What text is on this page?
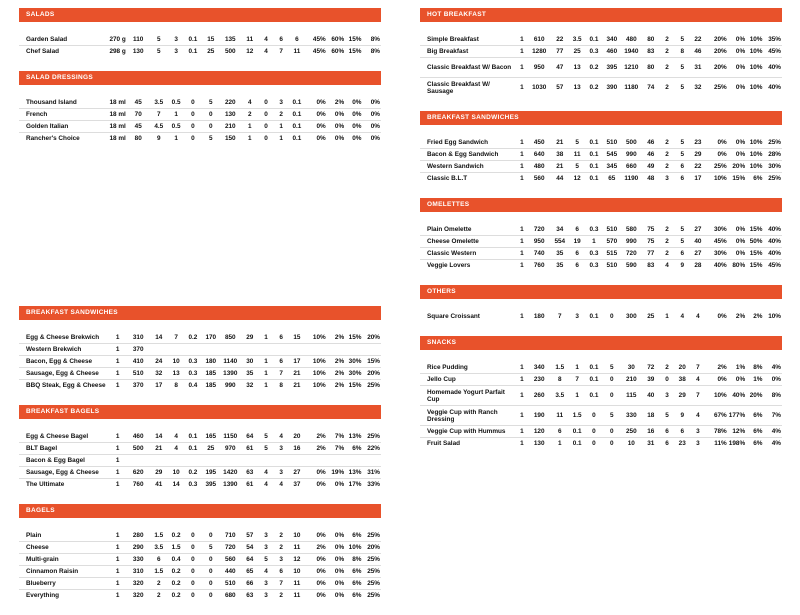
SALADS
Garden Salad	270 g	110	5	3	0.1	15	135	11	4	6	6	45%	60%	15%	8%
Chef Salad	298 g	130	5	3	0.1	25	500	12	4	7	11	45%	60%	15%	8%
SALAD DRESSINGS
Thousand Island	18 ml	45	3.5	0.5	0	5	220	4	0	3	0.1	0%	2%	0%	0%
French	18 ml	70	7	1	0	0	130	2	0	2	0.1	0%	0%	0%	0%
Golden Italian	18 ml	45	4.5	0.5	0	0	210	1	0	1	0.1	0%	0%	0%	0%
Rancher's Choice	18 ml	80	9	1	0	5	150	1	0	1	0.1	0%	0%	0%	0%
BREAKFAST SANDWICHES
Egg & Cheese Brekwich	1	310	14	7	0.2	170	850	29	1	6	15	10%	2%	15%	20%
Western Brekwich	1	370													
Bacon, Egg & Cheese	1	410	24	10	0.3	180	1140	30	1	6	17	10%	2%	30%	15%
Sausage, Egg & Cheese	1	510	32	13	0.3	185	1390	35	1	7	21	10%	2%	30%	20%
BBQ Steak, Egg & Cheese	1	370	17	8	0.4	185	990	32	1	8	21	10%	2%	15%	25%
BREAKFAST BAGELS
Egg & Cheese Bagel	1	460	14	4	0.1	165	1150	64	5	4	20	2%	7%	13%	25%
BLT Bagel	1	500	21	4	0.1	25	970	61	5	3	16	2%	7%	6%	22%
Bacon & Egg Bagel	1														
Sausage, Egg & Cheese	1	620	29	10	0.2	195	1420	63	4	3	27	0%	19%	13%	31%
The Ultimate	1	760	41	14	0.3	395	1390	61	4	4	37	0%	0%	17%	33%
BAGELS
Plain	1	280	1.5	0.2	0	0	710	57	3	2	10	0%	0%	6%	25%
Cheese	1	290	3.5	1.5	0	5	720	54	3	2	11	2%	0%	10%	20%
Multi-grain	1	330	6	0.4	0	0	560	64	5	3	12	0%	0%	8%	25%
Cinnamon Raisin	1	310	1.5	0.2	0	0	440	65	4	6	10	0%	0%	6%	25%
Blueberry	1	320	2	0.2	0	0	510	66	3	7	11	0%	0%	6%	25%
Everything	1	320	2	0.2	0	0	680	63	3	2	11	0%	0%	6%	25%
HOT BREAKFAST
Simple Breakfast	1	610	22	3.5	0.1	340	480	80	2	5	22	20%	0%	10%	35%
Big Breakfast	1	1280	77	25	0.3	460	1940	83	2	8	46	20%	0%	10%	45%
Classic Breakfast W/ Bacon	1	950	47	13	0.2	395	1210	80	2	5	31	20%	0%	10%	40%
Classic Breakfast W/ Sausage	1	1030	57	13	0.2	390	1180	74	2	5	32	25%	0%	10%	40%
BREAKFAST SANDWICHES
Fried Egg Sandwich	1	450	21	5	0.1	510	500	46	2	5	23	0%	0%	10%	25%
Bacon & Egg Sandwich	1	640	38	11	0.1	545	990	46	2	5	29	0%	0%	10%	28%
Western Sandwich	1	480	21	5	0.1	345	660	49	2	6	22	25%	20%	10%	30%
Classic B.L.T	1	560	44	12	0.1	65	1190	48	3	6	17	10%	15%	6%	25%
OMELETTES
Plain Omelette	1	720	34	6	0.3	510	580	75	2	5	27	30%	0%	15%	40%
Cheese Omelette	1	950	554	19	1	570	990	75	2	5	40	45%	0%	50%	40%
Classic Western	1	740	35	6	0.3	515	720	77	2	6	27	30%	0%	15%	40%
Veggie Lovers	1	760	35	6	0.3	510	590	83	4	9	28	40%	80%	15%	45%
OTHERS
Square Croissant	1	180	7	3	0.1	0	300	25	1	4	4	0%	2%	2%	10%
SNACKS
Rice Pudding	1	340	1.5	1	0.1	5	30	72	2	20	7	2%	1%	8%	4%
Jello Cup	1	230	8	7	0.1	0	210	39	0	38	4	0%	0%	1%	0%
Homemade Yogurt Parfait Cup	1	260	3.5	1	0.1	0	115	40	3	29	7	10%	40%	20%	8%
Veggie Cup with Ranch Dressing	1	190	11	1.5	0	5	330	18	5	9	4	67%	177%	6%	7%
Veggie Cup with Hummus	1	120	6	0.1	0	0	250	16	6	6	3	78%	12%	6%	4%
Fruit Salad	1	130	1	0.1	0	0	10	31	6	23	3	11%	198%	6%	4%
